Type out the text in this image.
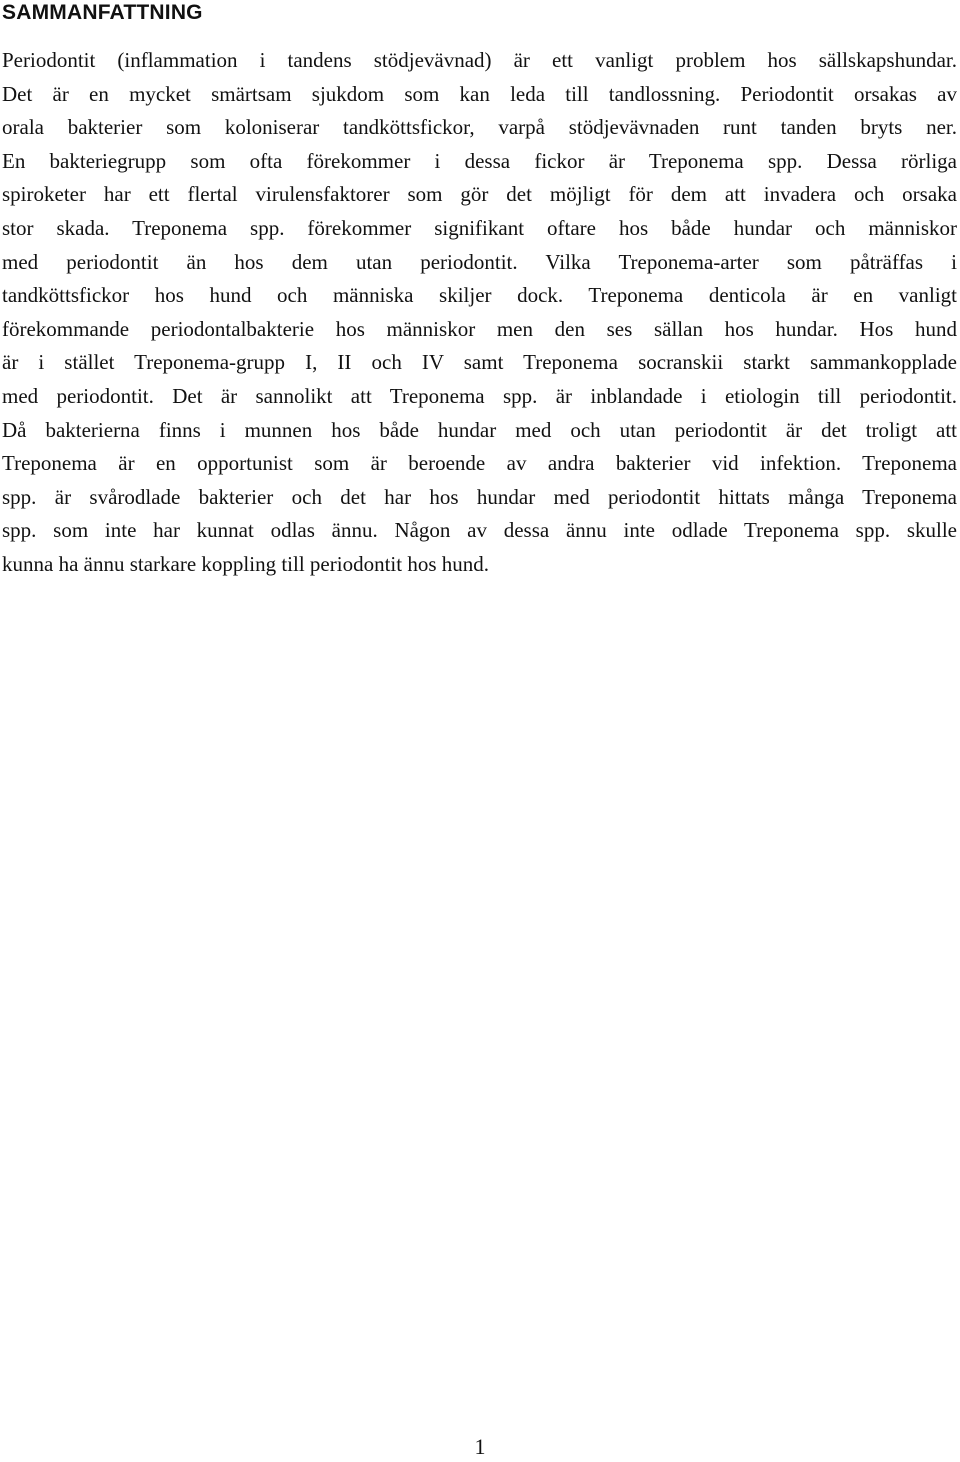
SAMMANFATTNING
Periodontit (inflammation i tandens stödjevävnad) är ett vanligt problem hos sällskapshundar.
Det är en mycket smärtsam sjukdom som kan leda till tandlossning. Periodontit orsakas av
orala bakterier som koloniserar tandköttsfickor, varpå stödjevävnaden runt tanden bryts ner.
En bakteriegrupp som ofta förekommer i dessa fickor är Treponema spp. Dessa rörliga
spiroketer har ett flertal virulensfaktorer som gör det möjligt för dem att invadera och orsaka
stor skada. Treponema spp. förekommer signifikant oftare hos både hundar och människor
med periodontit än hos dem utan periodontit. Vilka Treponema-arter som påträffas i
tandköttsfickor hos hund och människa skiljer dock. Treponema denticola är en vanligt
förekommande periodontalbakterie hos människor men den ses sällan hos hundar. Hos hund
är i stället Treponema-grupp I, II och IV samt Treponema socranskii starkt sammankopplade
med periodontit. Det är sannolikt att Treponema spp. är inblandade i etiologin till periodontit.
Då bakterierna finns i munnen hos både hundar med och utan periodontit är det troligt att
Treponema är en opportunist som är beroende av andra bakterier vid infektion. Treponema
spp. är svårodlade bakterier och det har hos hundar med periodontit hittats många Treponema
spp. som inte har kunnat odlas ännu. Någon av dessa ännu inte odlade Treponema spp. skulle
kunna ha ännu starkare koppling till periodontit hos hund.
1
